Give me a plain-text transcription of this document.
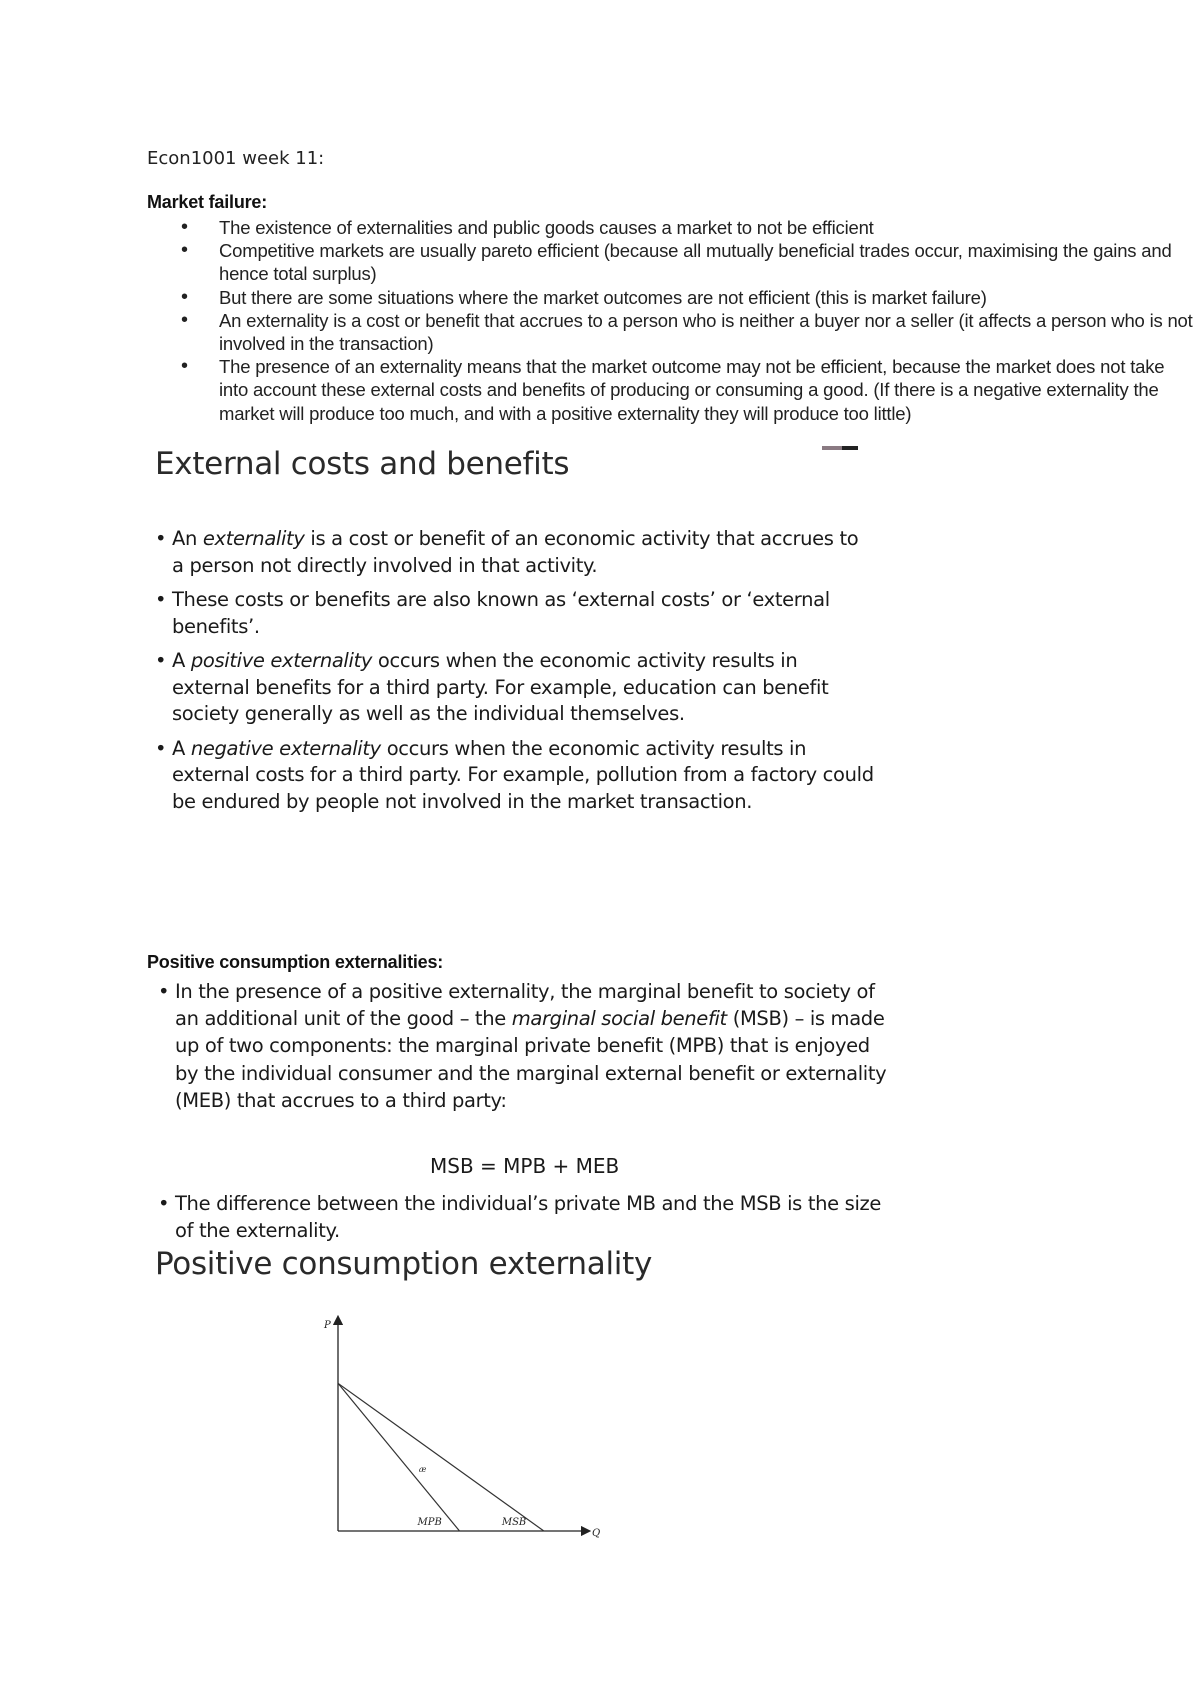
Econ1001 week 11:
Market failure:
• The existence of externalities and public goods causes a market to not be efficient
• Competitive markets are usually pareto efficient (because all mutually beneficial trades occur, maximising the gains and hence total surplus)
• But there are some situations where the market outcomes are not efficient (this is market failure)
• An externality is a cost or benefit that accrues to a person who is neither a buyer nor a seller (it affects a person who is not involved in the transaction)
• The presence of an externality means that the market outcome may not be efficient, because the market does not take into account these external costs and benefits of producing or consuming a good. (If there is a negative externality the market will produce too much, and with a positive externality they will produce too little)
External costs and benefits
• An externality is a cost or benefit of an economic activity that accrues to a person not directly involved in that activity.
• These costs or benefits are also known as ‘external costs’ or ‘external benefits’.
• A positive externality occurs when the economic activity results in external benefits for a third party. For example, education can benefit society generally as well as the individual themselves.
• A negative externality occurs when the economic activity results in external costs for a third party. For example, pollution from a factory could be endured by people not involved in the market transaction.
Positive consumption externalities:
• In the presence of a positive externality, the marginal benefit to society of an additional unit of the good – the marginal social benefit (MSB) – is made up of two components: the marginal private benefit (MPB) that is enjoyed by the individual consumer and the marginal external benefit or externality (MEB) that accrues to a third party:
MSB = MPB + MEB
• The difference between the individual’s private MB and the MSB is the size of the externality.
Positive consumption externality
P
Q
MPB	MSB
æ
